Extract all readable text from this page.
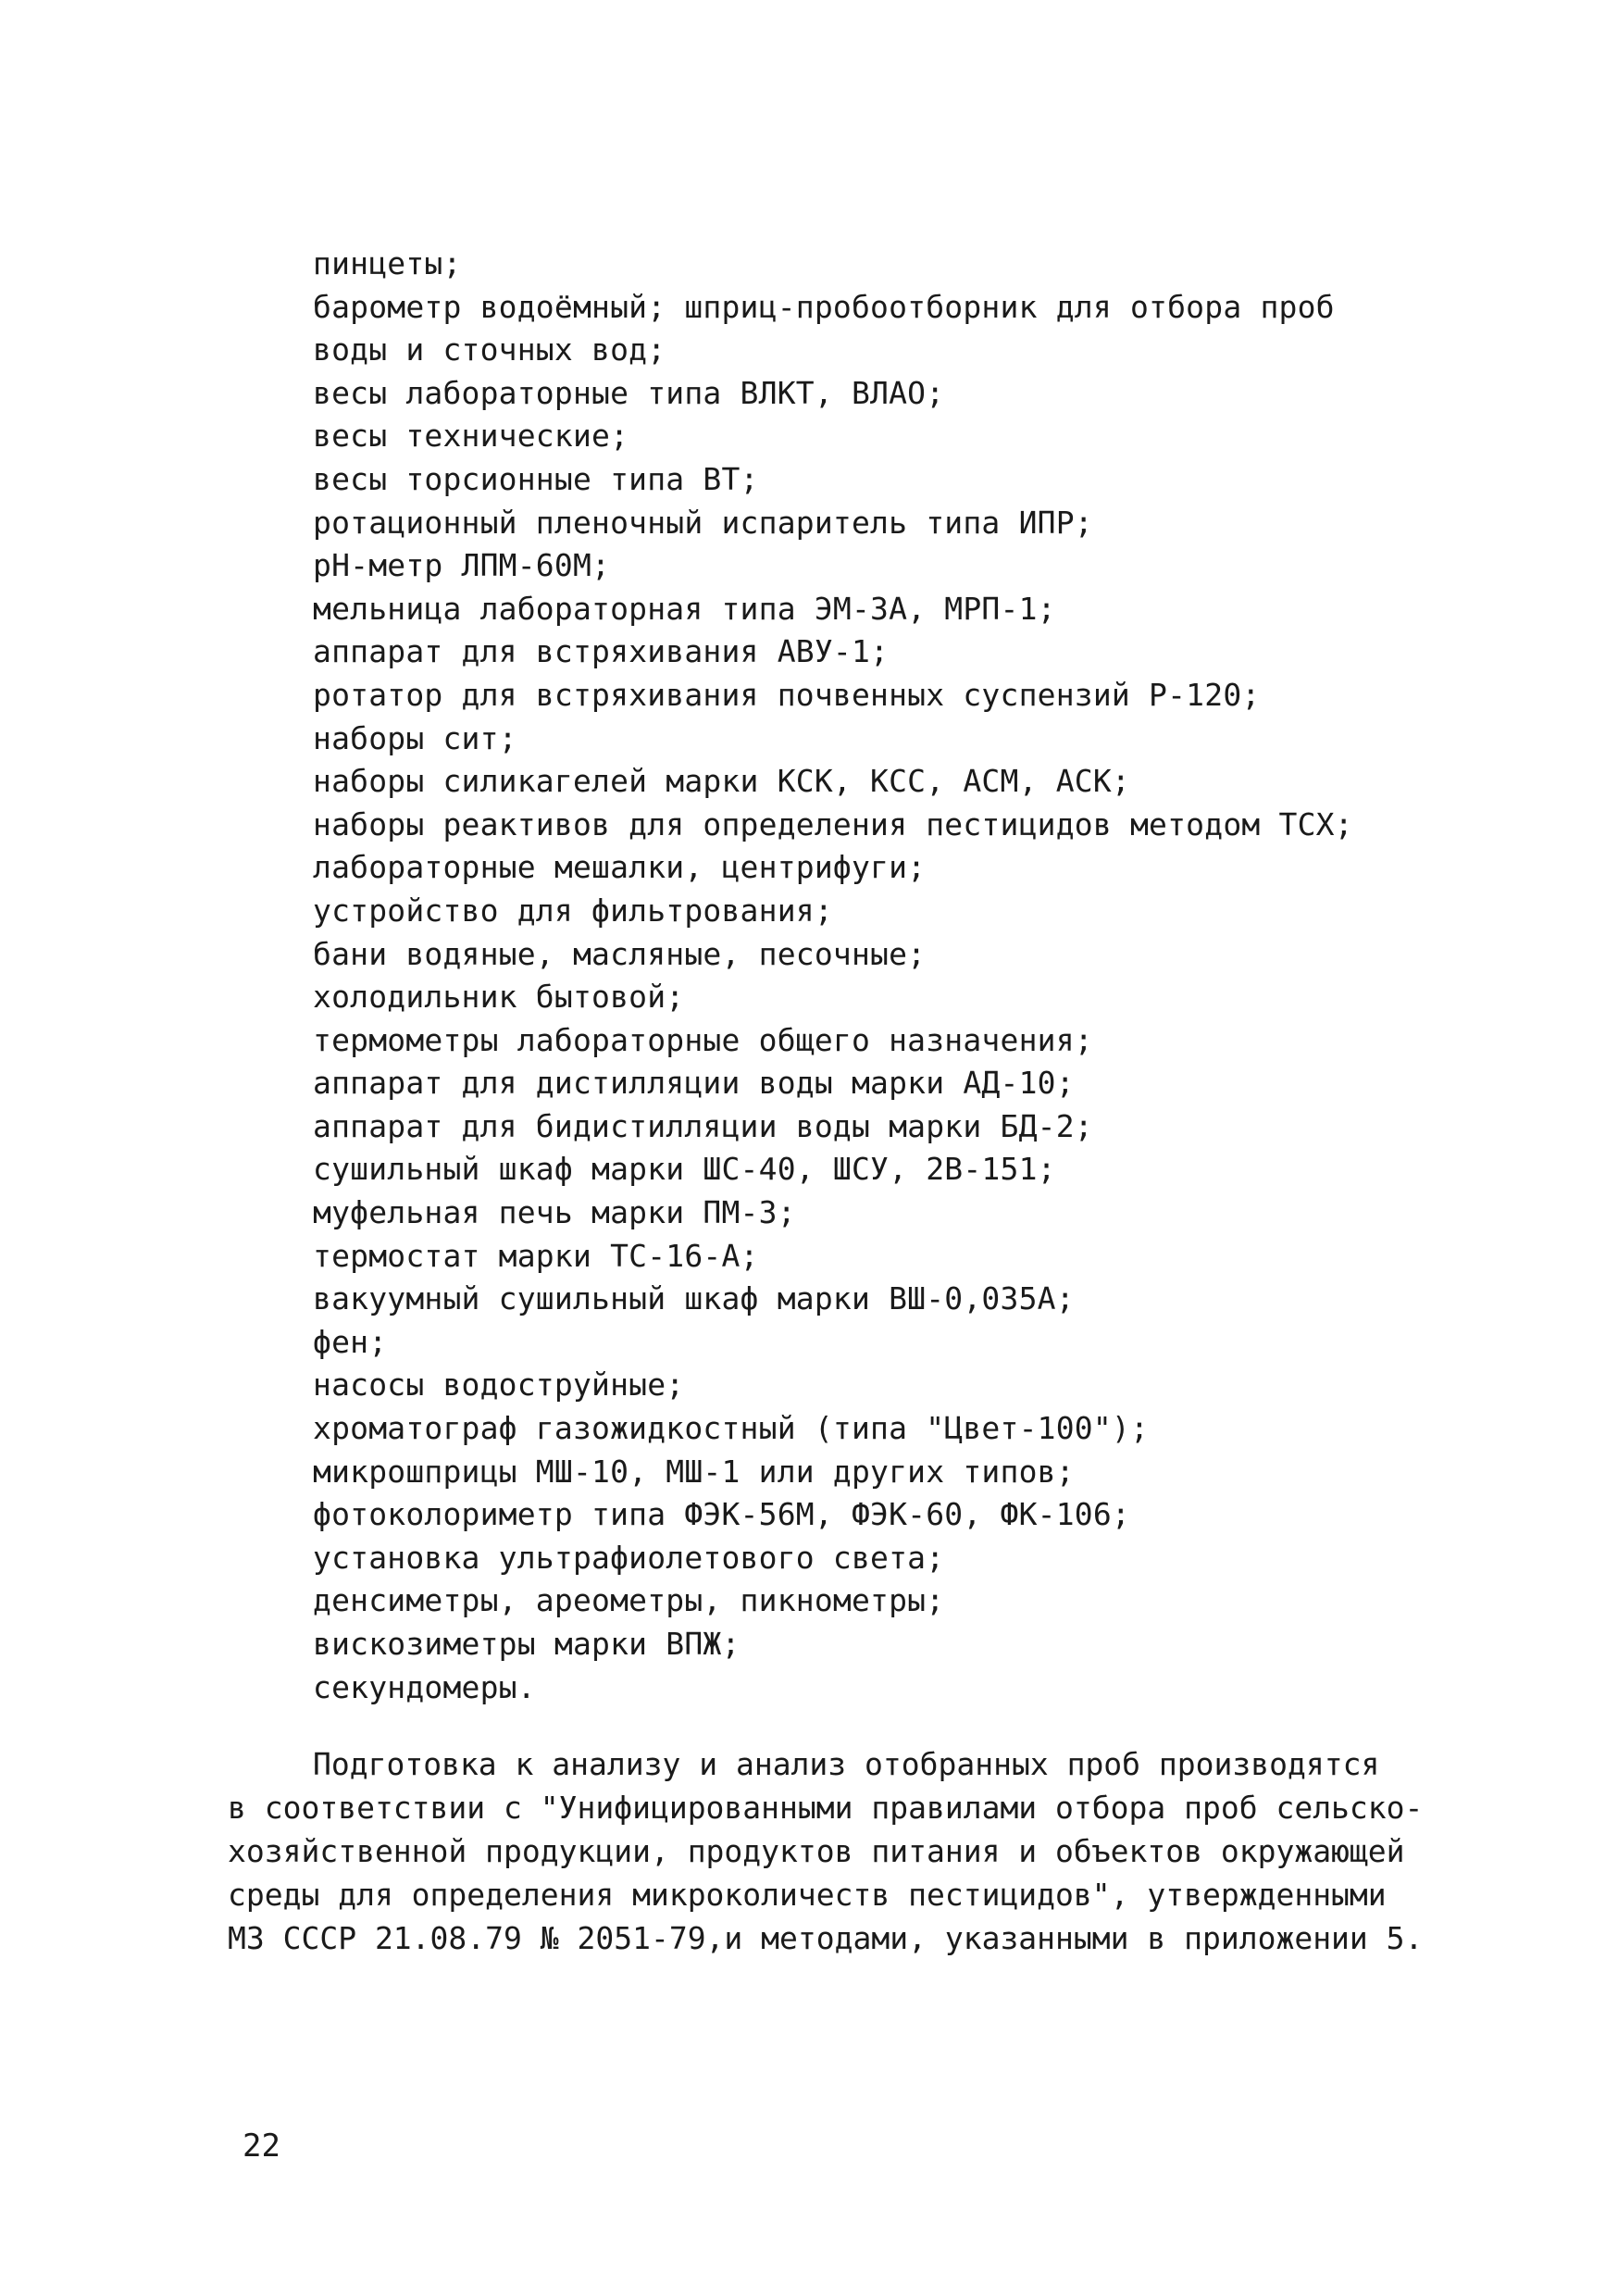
пинцеты;
барометр водоёмный; шприц-пробоотборник для отбора проб
воды и сточных вод;
весы лабораторные типа ВЛКТ, ВЛАО;
весы технические;
весы торсионные типа ВТ;
ротационный пленочный испаритель типа ИПР;
pH-метр ЛПМ-60М;
мельница лабораторная типа ЭМ-3А, МРП-1;
аппарат для встряхивания АВУ-1;
ротатор для встряхивания почвенных суспензий Р-120;
наборы сит;
наборы силикагелей марки КСК, КСС, АСМ, АСК;
наборы реактивов для определения пестицидов методом ТСХ;
лабораторные мешалки, центрифуги;
устройство для фильтрования;
бани водяные, масляные, песочные;
холодильник бытовой;
термометры лабораторные общего назначения;
аппарат для дистилляции воды марки АД-10;
аппарат для бидистилляции воды марки БД-2;
сушильный шкаф марки ШС-40, ШСУ, 2В-151;
муфельная печь марки ПМ-3;
термостат марки ТС-16-А;
вакуумный сушильный шкаф марки ВШ-0,035А;
фен;
насосы водоструйные;
хроматограф газожидкостный (типа "Цвет-100");
микрошприцы МШ-10, МШ-1 или других типов;
фотоколориметр типа ФЭК-56М, ФЭК-60, ФК-106;
установка ультрафиолетового света;
денсиметры, ареометры, пикнометры;
вискозиметры марки ВПЖ;
секундомеры.
Подготовка к анализу и анализ отобранных проб производятся
в соответствии с "Унифицированными правилами отбора проб сельско-
хозяйственной продукции, продуктов питания и объектов окружающей
среды для определения микроколичеств пестицидов", утвержденными
МЗ СССР 21.08.79 № 2051-79,и методами, указанными в приложении 5.
22
